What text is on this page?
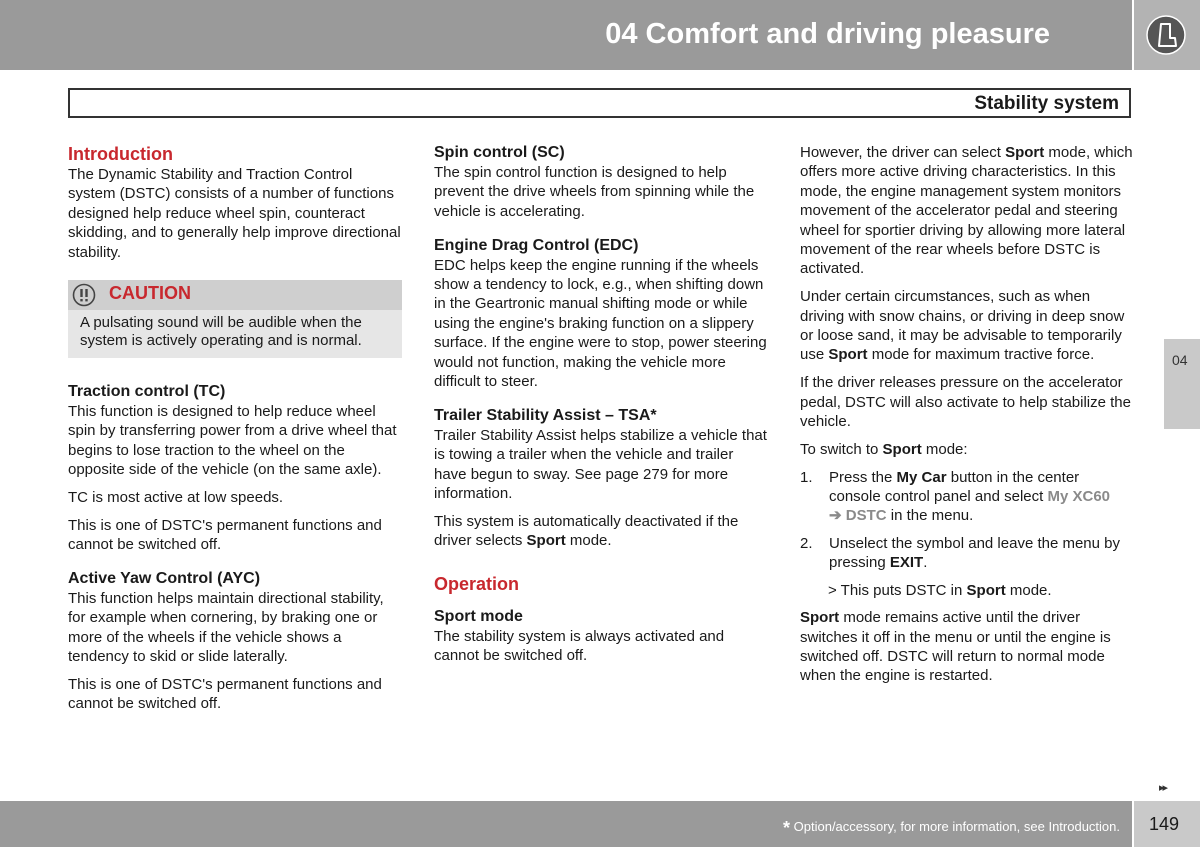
04 Comfort and driving pleasure
Stability system
Introduction

The Dynamic Stability and Traction Control system (DSTC) consists of a number of functions designed help reduce wheel spin, counteract skidding, and to generally help improve directional stability.

CAUTION
A pulsating sound will be audible when the system is actively operating and is normal.
Traction control (TC)

This function is designed to help reduce wheel spin by transferring power from a drive wheel that begins to lose traction to the wheel on the opposite side of the vehicle (on the same axle).

TC is most active at low speeds.

This is one of DSTC's permanent functions and cannot be switched off.

Active Yaw Control (AYC)

This function helps maintain directional stability, for example when cornering, by braking one or more of the wheels if the vehicle shows a tendency to skid or slide laterally.

This is one of DSTC's permanent functions and cannot be switched off.

Spin control (SC)

The spin control function is designed to help prevent the drive wheels from spinning while the vehicle is accelerating.

Engine Drag Control (EDC)

EDC helps keep the engine running if the wheels show a tendency to lock, e.g., when shifting down in the Geartronic manual shifting mode or while using the engine's braking function on a slippery surface. If the engine were to stop, power steering would not function, making the vehicle more difficult to steer.

Trailer Stability Assist – TSA*

Trailer Stability Assist helps stabilize a vehicle that is towing a trailer when the vehicle and trailer have begun to sway. See page 279 for more information.

This system is automatically deactivated if the driver selects Sport mode.

Operation
Sport mode

The stability system is always activated and cannot be switched off.

However, the driver can select Sport mode, which offers more active driving characteristics. In this mode, the engine management system monitors movement of the accelerator pedal and steering wheel for sportier driving by allowing more lateral movement of the rear wheels before DSTC is activated.

Under certain circumstances, such as when driving with snow chains, or driving in deep snow or loose sand, it may be advisable to temporarily use Sport mode for maximum tractive force.

If the driver releases pressure on the accelerator pedal, DSTC will also activate to help stabilize the vehicle.

To switch to Sport mode:

1. Press the My Car button in the center console control panel and select My XC60
➔ DSTC in the menu.
2. Unselect the symbol and leave the menu by pressing EXIT.
> This puts DSTC in Sport mode.

Sport mode remains active until the driver switches it off in the menu or until the engine is switched off. DSTC will return to normal mode when the engine is restarted.

04
▸▸
* Option/accessory, for more information, see Introduction. 149
